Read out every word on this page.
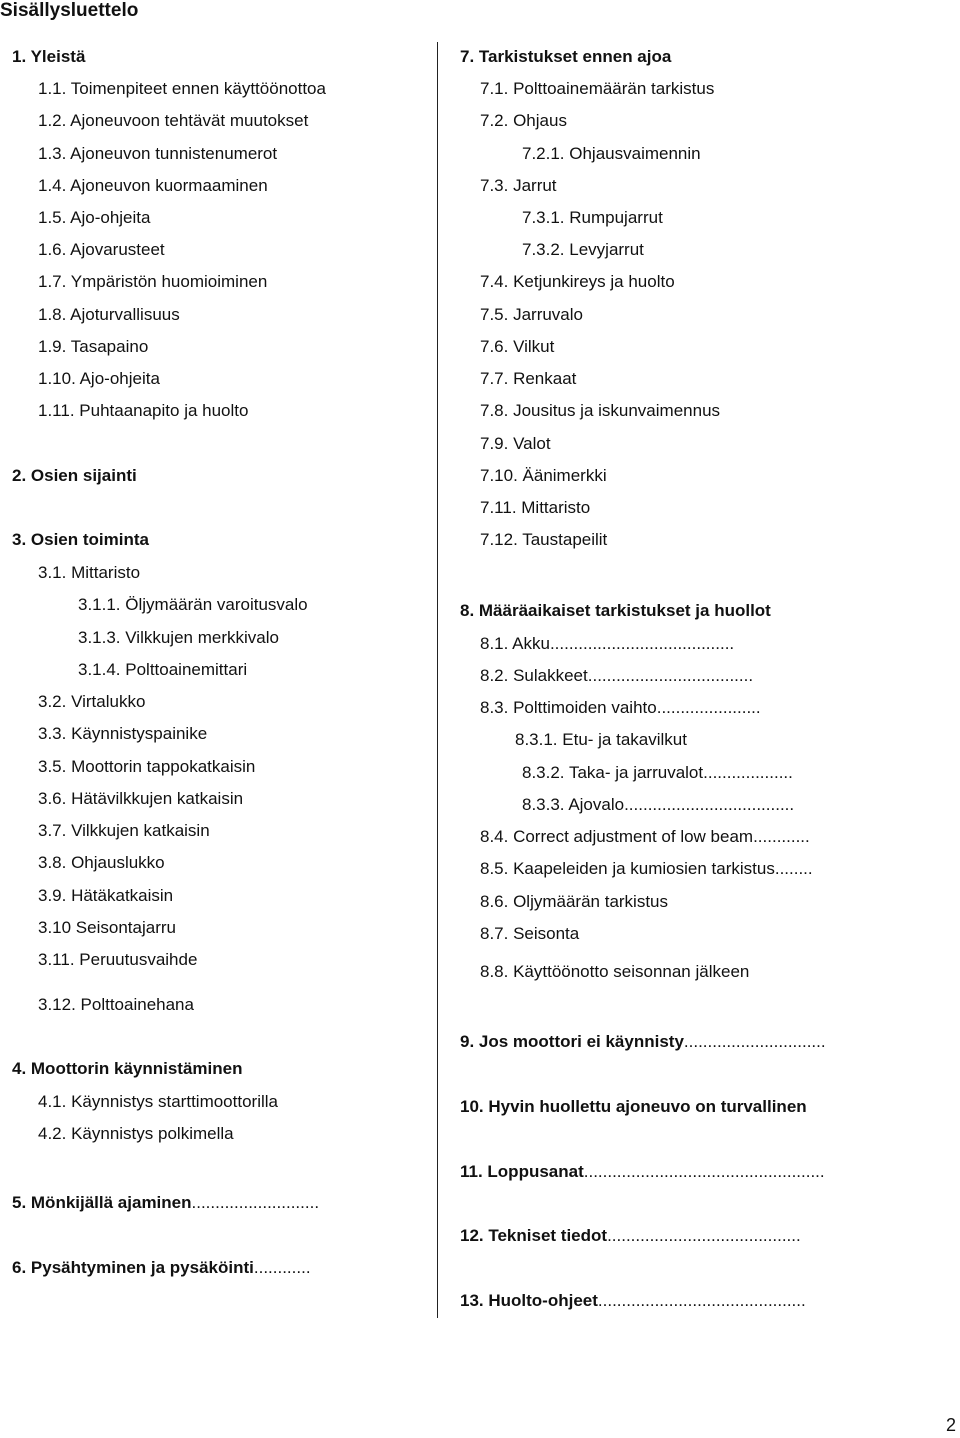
Sisällysluettelo
1. Yleistä
1.1. Toimenpiteet ennen käyttöönottoa
1.2. Ajoneuvoon tehtävät muutokset
1.3. Ajoneuvon tunnistenumerot
1.4. Ajoneuvon kuormaaminen
1.5. Ajo-ohjeita
1.6. Ajovarusteet
1.7. Ympäristön huomioiminen
1.8. Ajoturvallisuus
1.9. Tasapaino
1.10. Ajo-ohjeita
1.11. Puhtaanapito ja huolto
2. Osien sijainti
3. Osien toiminta
3.1. Mittaristo
3.1.1. Öljymäärän varoitusvalo
3.1.3. Vilkkujen merkkivalo
3.1.4. Polttoainemittari
3.2. Virtalukko
3.3. Käynnistyspainike
3.5. Moottorin tappokatkaisin
3.6. Hätävilkkujen katkaisin
3.7. Vilkkujen katkaisin
3.8. Ohjauslukko
3.9. Hätäkatkaisin
3.10 Seisontajarru
3.11. Peruutusvaihde
3.12. Polttoainehana
4. Moottorin käynnistäminen
4.1. Käynnistys starttimoottorilla
4.2. Käynnistys polkimella
5. Mönkijällä ajaminen...........................
6. Pysähtyminen ja pysäköinti............
7. Tarkistukset ennen ajoa
7.1. Polttoainemäärän tarkistus
7.2. Ohjaus
7.2.1. Ohjausvaimennin
7.3. Jarrut
7.3.1. Rumpujarrut
7.3.2. Levyjarrut
7.4. Ketjunkireys ja huolto
7.5. Jarruvalo
7.6. Vilkut
7.7. Renkaat
7.8. Jousitus ja iskunvaimennus
7.9. Valot
7.10. Äänimerkki
7.11. Mittaristo
7.12. Taustapeilit
8. Määräaikaiset tarkistukset ja huollot
8.1. Akku.......................................
8.2. Sulakkeet...................................
8.3. Polttimoiden vaihto......................
8.3.1. Etu- ja takavilkut
8.3.2. Taka- ja jarruvalot...................
8.3.3. Ajovalo....................................
8.4. Correct adjustment of low beam............
8.5. Kaapeleiden ja kumiosien tarkistus........
8.6. Oljymäärän tarkistus
8.7. Seisonta
8.8. Käyttöönotto seisonnan jälkeen
9. Jos moottori ei käynnisty..............................
10. Hyvin huollettu ajoneuvo on turvallinen
11. Loppusanat...................................................
12. Tekniset tiedot.........................................
13. Huolto-ohjeet............................................
2
